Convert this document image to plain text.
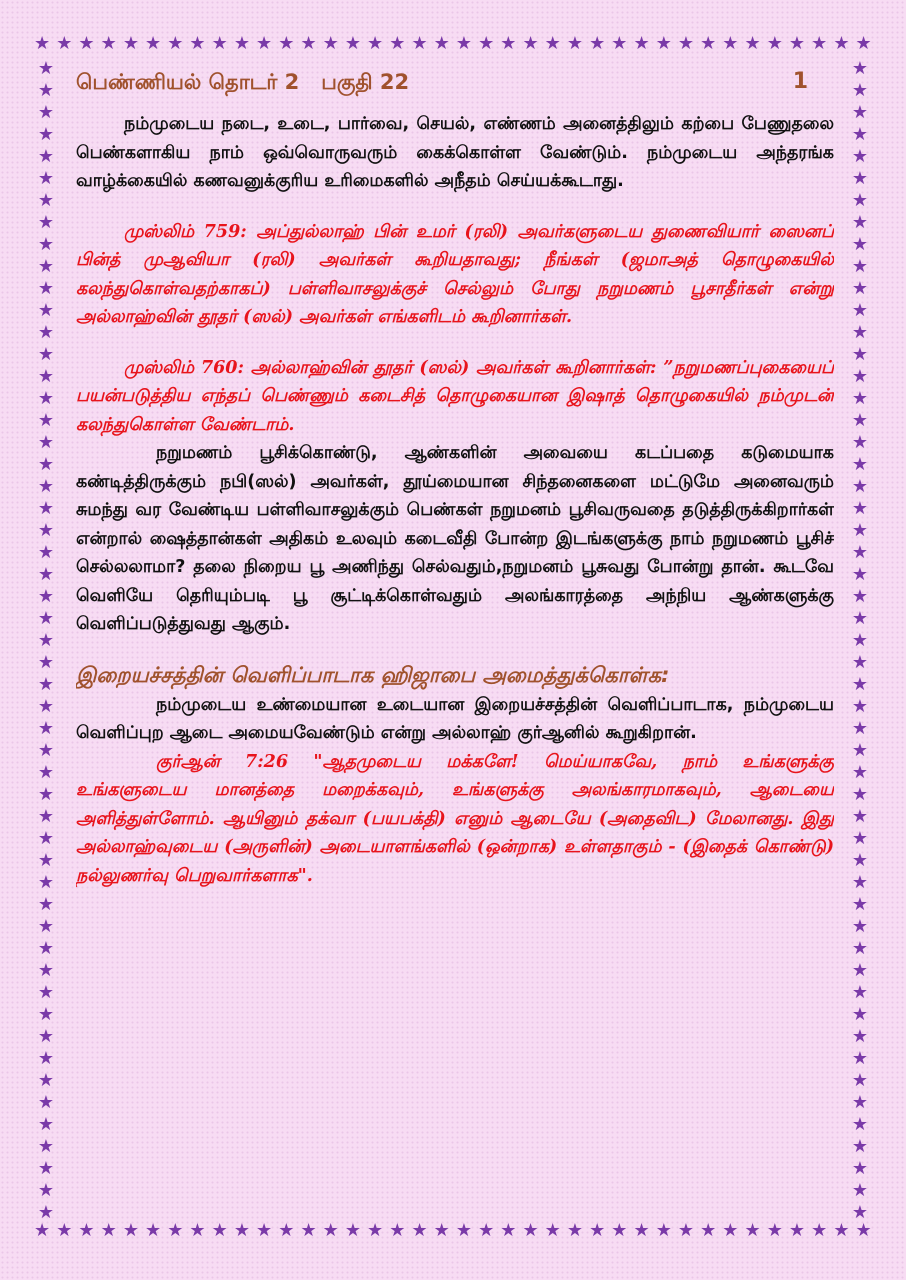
★ ★ ★ ★ ★ ★ ★ ★ ★ ★ ★ ★ ★ ★ ★ ★ ★ ★ ★ ★ ★ ★ ★ ★ ★ ★ ★ ★ ★ ★ ★ ★ ★ ★ ★ ★ ★ ★
★ ★ ★ ★ ★ ★ ★ ★ ★ ★ ★ ★ ★ ★ ★ ★ ★ ★ ★ ★ ★ ★ ★ ★ ★ ★ ★ ★ ★ ★ ★ ★ ★ ★ ★ ★ ★ ★
★
★
★
★
★
★
★
★
★
★
★
★
★
★
★
★
★
★
★
★
★
★
★
★
★
★
★
★
★
★
★
★
★
★
★
★
★
★
★
★
★
★
★
★
★
★
★
★
★
★
★
★
★
★
★
★
★
★
★
★
★
★
★
★
★
★
★
★
★
★
★
★
★
★
★
★
★
★
★
★
★
★
★
★
★
★
★
★
★
★
★
★
★
★
★
★
★
★
★
★
★
★
★
★
★
★
பெண்ணியல் தொடர் 2   பகுதி 22	1

நம்முடைய நடை, உடை, பார்வை, செயல், எண்ணம் அனைத்திலும் கற்பை பேணுதலை பெண்களாகிய நாம் ஒவ்வொருவரும் கைக்கொள்ள வேண்டும். நம்முடைய அந்தரங்க வாழ்க்கையில் கணவனுக்குரிய உரிமைகளில் அநீதம் செய்யக்கூடாது.

முஸ்லிம் 759: அப்துல்லாஹ் பின் உமர் (ரலி) அவர்களுடைய துணைவியார் ஸைனப் பின்த் முஆவியா (ரலி) அவர்கள் கூறியதாவது; நீங்கள் (ஜமாஅத் தொழுகையில் கலந்துகொள்வதற்காகப்) பள்ளிவாசலுக்குச் செல்லும் போது நறுமணம் பூசாதீர்கள் என்று அல்லாஹ்வின் தூதர் (ஸல்) அவர்கள் எங்களிடம் கூறினார்கள்.

முஸ்லிம் 760: அல்லாஹ்வின் தூதர் (ஸல்) அவர்கள் கூறினார்கள்: ”நறுமணப்புகையைப் பயன்படுத்திய எந்தப் பெண்ணும் கடைசித் தொழுகையான இஷாத் தொழுகையில் நம்முடன் கலந்துகொள்ள வேண்டாம்.

நறுமணம் பூசிக்கொண்டு, ஆண்களின் அவையை கடப்பதை கடுமையாக கண்டித்திருக்கும் நபி(ஸல்) அவர்கள், தூய்மையான சிந்தனைகளை மட்டுமே அனைவரும் சுமந்து வர வேண்டிய பள்ளிவாசலுக்கும் பெண்கள் நறுமனம் பூசிவருவதை தடுத்திருக்கிறார்கள் என்றால் ஷைத்தான்கள் அதிகம் உலவும் கடைவீதி போன்ற இடங்களுக்கு நாம் நறுமணம் பூசிச் செல்லலாமா? தலை நிறைய பூ அணிந்து செல்வதும்,நறுமனம் பூசுவது போன்று தான். கூடவே வெளியே தெரியும்படி பூ சூட்டிக்கொள்வதும் அலங்காரத்தை அந்நிய ஆண்களுக்கு வெளிப்படுத்துவது ஆகும்.

இறையச்சத்தின் வெளிப்பாடாக ஹிஜாபை அமைத்துக்கொள்க:

நம்முடைய உண்மையான உடையான இறையச்சத்தின் வெளிப்பாடாக, நம்முடைய வெளிப்புற ஆடை அமையவேண்டும் என்று அல்லாஹ் குர்ஆனில் கூறுகிறான்.

குர்ஆன் 7:26 "ஆதமுடைய மக்களே! மெய்யாகவே, நாம் உங்களுக்கு உங்களுடைய மானத்தை மறைக்கவும், உங்களுக்கு அலங்காரமாகவும், ஆடையை அளித்துள்ளோம். ஆயினும் தக்வா (பயபக்தி) எனும் ஆடையே (அதைவிட) மேலானது. இது அல்லாஹ்வுடைய (அருளின்) அடையாளங்களில் (ஒன்றாக) உள்ளதாகும் - (இதைக் கொண்டு) நல்லுணர்வு பெறுவார்களாக".
